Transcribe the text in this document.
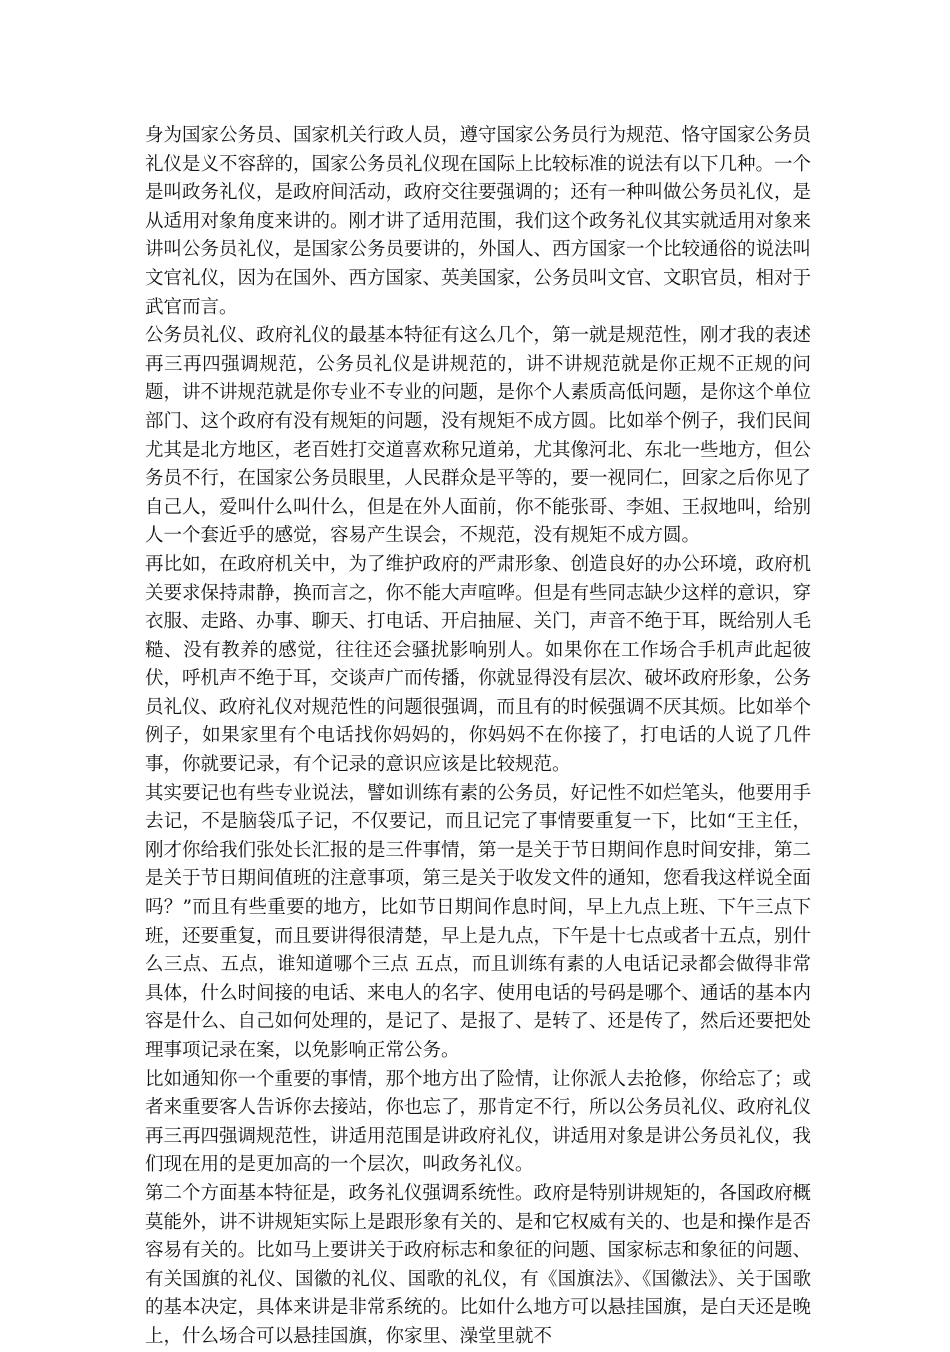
身为国家公务员、国家机关行政人员，遵守国家公务员行为规范、恪守国家公务员礼仪是义不容辞的，国家公务员礼仪现在国际上比较标准的说法有以下几种。一个是叫政务礼仪，是政府间活动，政府交往要强调的；还有一种叫做公务员礼仪，是从适用对象角度来讲的。刚才讲了适用范围，我们这个政务礼仪其实就适用对象来讲叫公务员礼仪，是国家公务员要讲的，外国人、西方国家一个比较通俗的说法叫文官礼仪，因为在国外、西方国家、英美国家，公务员叫文官、文职官员，相对于武官而言。

公务员礼仪、政府礼仪的最基本特征有这么几个，第一就是规范性，刚才我的表述再三再四强调规范，公务员礼仪是讲规范的，讲不讲规范就是你正规不正规的问题，讲不讲规范就是你专业不专业的问题，是你个人素质高低问题，是你这个单位部门、这个政府有没有规矩的问题，没有规矩不成方圆。比如举个例子，我们民间尤其是北方地区，老百姓打交道喜欢称兄道弟，尤其像河北、东北一些地方，但公务员不行，在国家公务员眼里，人民群众是平等的，要一视同仁，回家之后你见了自己人，爱叫什么叫什么，但是在外人面前，你不能张哥、李姐、王叔地叫，给别人一个套近乎的感觉，容易产生误会，不规范，没有规矩不成方圆。

再比如，在政府机关中，为了维护政府的严肃形象、创造良好的办公环境，政府机关要求保持肃静，换而言之，你不能大声喧哗。但是有些同志缺少这样的意识，穿衣服、走路、办事、聊天、打电话、开启抽屉、关门，声音不绝于耳，既给别人毛糙、没有教养的感觉，往往还会骚扰影响别人。如果你在工作场合手机声此起彼伏，呼机声不绝于耳，交谈声广而传播，你就显得没有层次、破坏政府形象，公务员礼仪、政府礼仪对规范性的问题很强调，而且有的时候强调不厌其烦。比如举个例子，如果家里有个电话找你妈妈的，你妈妈不在你接了，打电话的人说了几件事，你就要记录，有个记录的意识应该是比较规范。

其实要记也有些专业说法，譬如训练有素的公务员，好记性不如烂笔头，他要用手去记，不是脑袋瓜子记，不仅要记，而且记完了事情要重复一下，比如“王主任，刚才你给我们张处长汇报的是三件事情，第一是关于节日期间作息时间安排，第二是关于节日期间值班的注意事项，第三是关于收发文件的通知，您看我这样说全面吗？”而且有些重要的地方，比如节日期间作息时间，早上九点上班、下午三点下班，还要重复，而且要讲得很清楚，早上是九点，下午是十七点或者十五点，别什么三点、五点，谁知道哪个三点 五点，而且训练有素的人电话记录都会做得非常具体，什么时间接的电话、来电人的名字、使用电话的号码是哪个、通话的基本内容是什么、自己如何处理的，是记了、是报了、是转了、还是传了，然后还要把处理事项记录在案，以免影响正常公务。

比如通知你一个重要的事情，那个地方出了险情，让你派人去抢修，你给忘了；或者来重要客人告诉你去接站，你也忘了，那肯定不行，所以公务员礼仪、政府礼仪再三再四强调规范性，讲适用范围是讲政府礼仪，讲适用对象是讲公务员礼仪，我们现在用的是更加高的一个层次，叫政务礼仪。

第二个方面基本特征是，政务礼仪强调系统性。政府是特别讲规矩的，各国政府概莫能外，讲不讲规矩实际上是跟形象有关的、是和它权威有关的、也是和操作是否容易有关的。比如马上要讲关于政府标志和象征的问题、国家标志和象征的问题、有关国旗的礼仪、国徽的礼仪、国歌的礼仪，有《国旗法》、《国徽法》、关于国歌的基本决定，具体来讲是非常系统的。比如什么地方可以悬挂国旗，是白天还是晚上，什么场合可以悬挂国旗，你家里、澡堂里就不
